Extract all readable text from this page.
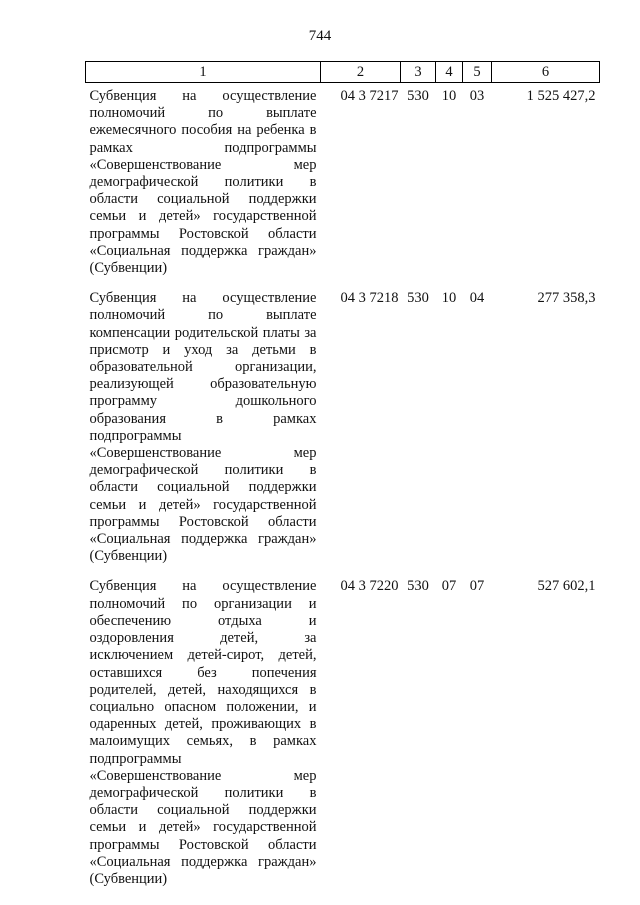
744
1	2	3	4	5	6
Субвенция на осуществление полномочий по выплате ежемесячного пособия на ребенка в рамках подпрограммы «Совершенствование мер демографической политики в области социальной поддержки семьи и детей» государственной программы Ростовской области «Социальная поддержка граждан» (Субвенции)	04 3 7217	530	10	03	1 525 427,2
Субвенция на осуществление полномочий по выплате компенсации родительской платы за присмотр и уход за детьми в образовательной организации, реализующей образовательную программу дошкольного образования в рамках подпрограммы «Совершенствование мер демографической политики в области социальной поддержки семьи и детей» государственной программы Ростовской области «Социальная поддержка граждан» (Субвенции)	04 3 7218	530	10	04	277 358,3
Субвенция на осуществление полномочий по организации и обеспечению отдыха и оздоровления детей, за исключением детей-сирот, детей, оставшихся без попечения родителей, детей, находящихся в социально опасном положении, и одаренных детей, проживающих в малоимущих семьях, в рамках подпрограммы «Совершенствование мер демографической политики в области социальной поддержки семьи и детей» государственной программы Ростовской области «Социальная поддержка граждан» (Субвенции)	04 3 7220	530	07	07	527 602,1
